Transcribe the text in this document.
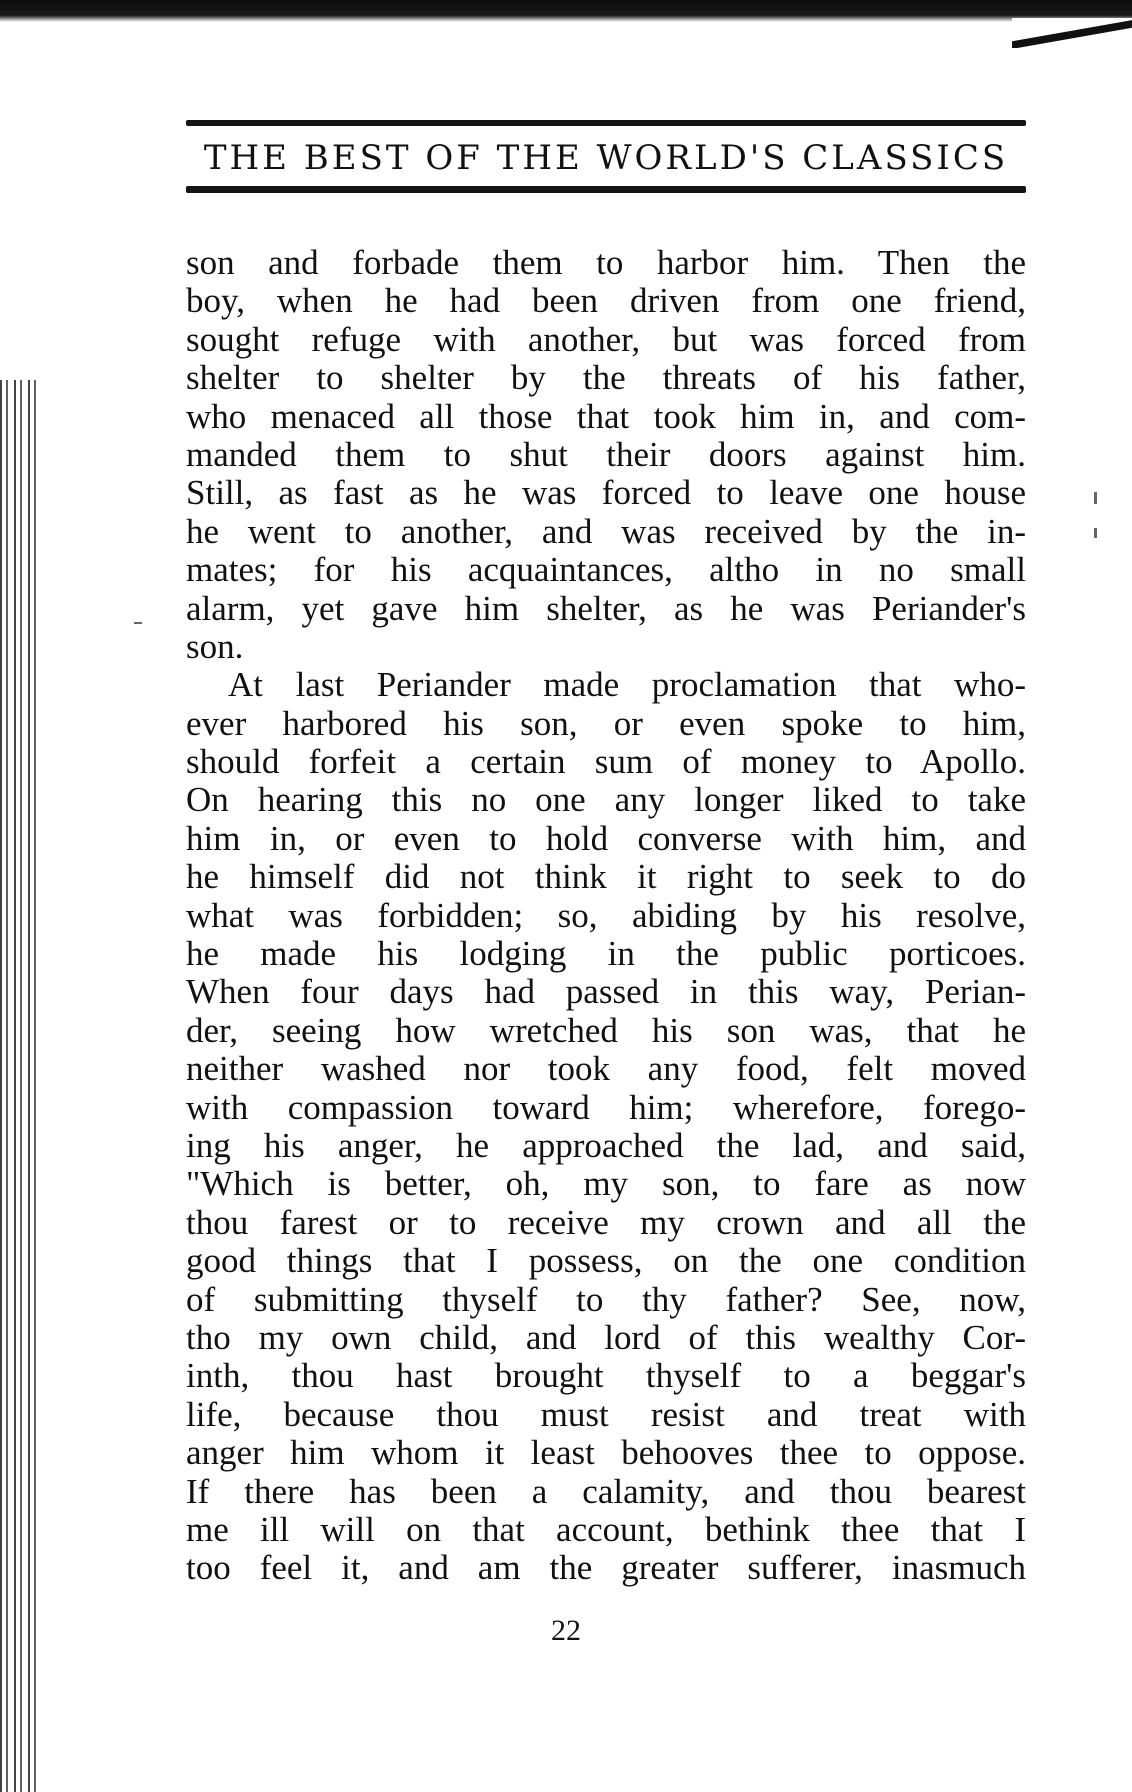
THE BEST OF THE WORLD'S CLASSICS
son and forbade them to harbor him. Then the
boy, when he had been driven from one friend,
sought refuge with another, but was forced from
shelter to shelter by the threats of his father,
who menaced all those that took him in, and com-
manded them to shut their doors against him.
Still, as fast as he was forced to leave one house
he went to another, and was received by the in-
mates; for his acquaintances, altho in no small
alarm, yet gave him shelter, as he was Periander's
son.
At last Periander made proclamation that who-
ever harbored his son, or even spoke to him,
should forfeit a certain sum of money to Apollo.
On hearing this no one any longer liked to take
him in, or even to hold converse with him, and
he himself did not think it right to seek to do
what was forbidden; so, abiding by his resolve,
he made his lodging in the public porticoes.
When four days had passed in this way, Perian-
der, seeing how wretched his son was, that he
neither washed nor took any food, felt moved
with compassion toward him; wherefore, forego-
ing his anger, he approached the lad, and said,
"Which is better, oh, my son, to fare as now
thou farest or to receive my crown and all the
good things that I possess, on the one condition
of submitting thyself to thy father? See, now,
tho my own child, and lord of this wealthy Cor-
inth, thou hast brought thyself to a beggar's
life, because thou must resist and treat with
anger him whom it least behooves thee to oppose.
If there has been a calamity, and thou bearest
me ill will on that account, bethink thee that I
too feel it, and am the greater sufferer, inasmuch
22
